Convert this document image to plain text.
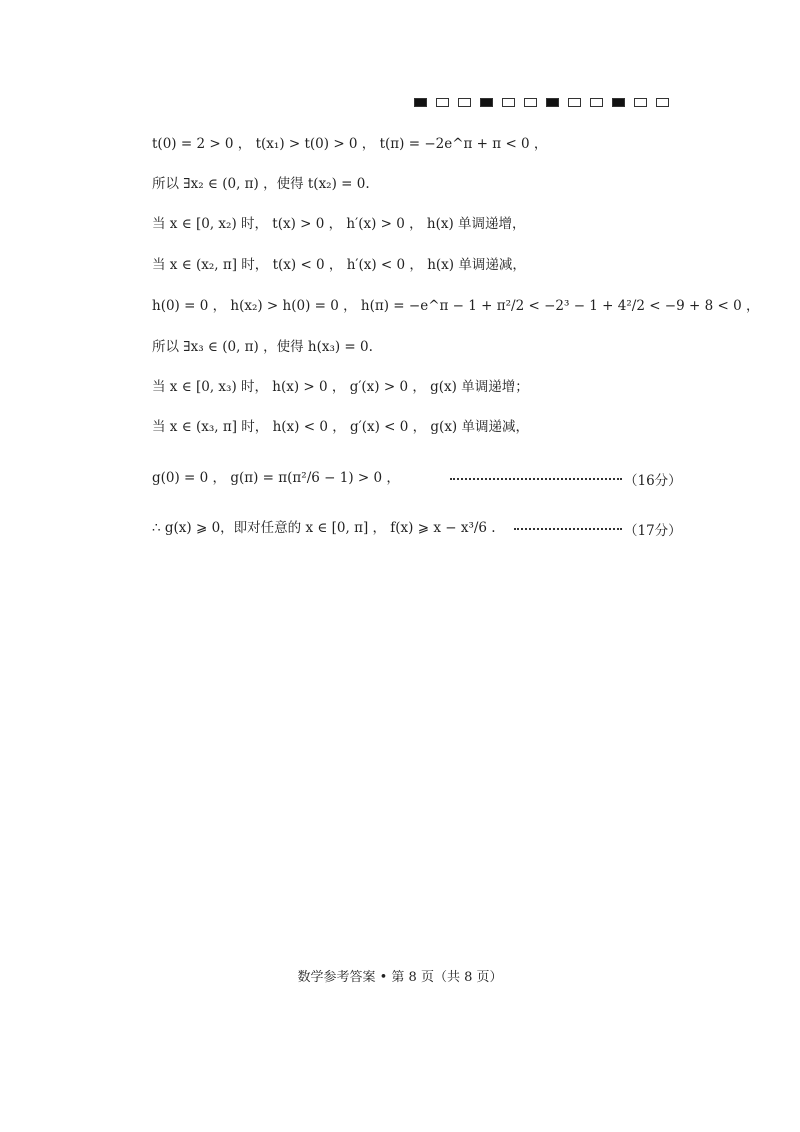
t(0) = 2 > 0 ， t(x₁) > t(0) > 0 ， t(π) = −2e^π + π < 0 ，
所以 ∃x₂ ∈ (0, π) ，使得 t(x₂) = 0.
当 x ∈ [0, x₂) 时， t(x) > 0 ， h′(x) > 0 ， h(x) 单调递增，
当 x ∈ (x₂, π] 时， t(x) < 0 ， h′(x) < 0 ， h(x) 单调递减，
h(0) = 0 ， h(x₂) > h(0) = 0 ， h(π) = −e^π − 1 + π²/2 < −2³ − 1 + 4²/2 < −9 + 8 < 0 ，
所以 ∃x₃ ∈ (0, π) ，使得 h(x₃) = 0.
当 x ∈ [0, x₃) 时， h(x) > 0 ， g′(x) > 0 ， g(x) 单调递增；
当 x ∈ (x₃, π] 时， h(x) < 0 ， g′(x) < 0 ， g(x) 单调递减，
g(0) = 0 ， g(π) = π(π²/6 − 1) > 0 ，
∴ g(x) ⩾ 0，即对任意的 x ∈ [0, π] ， f(x) ⩾ x − x³/6 .
（16分）
（17分）
数学参考答案 • 第 8 页（共 8 页）
